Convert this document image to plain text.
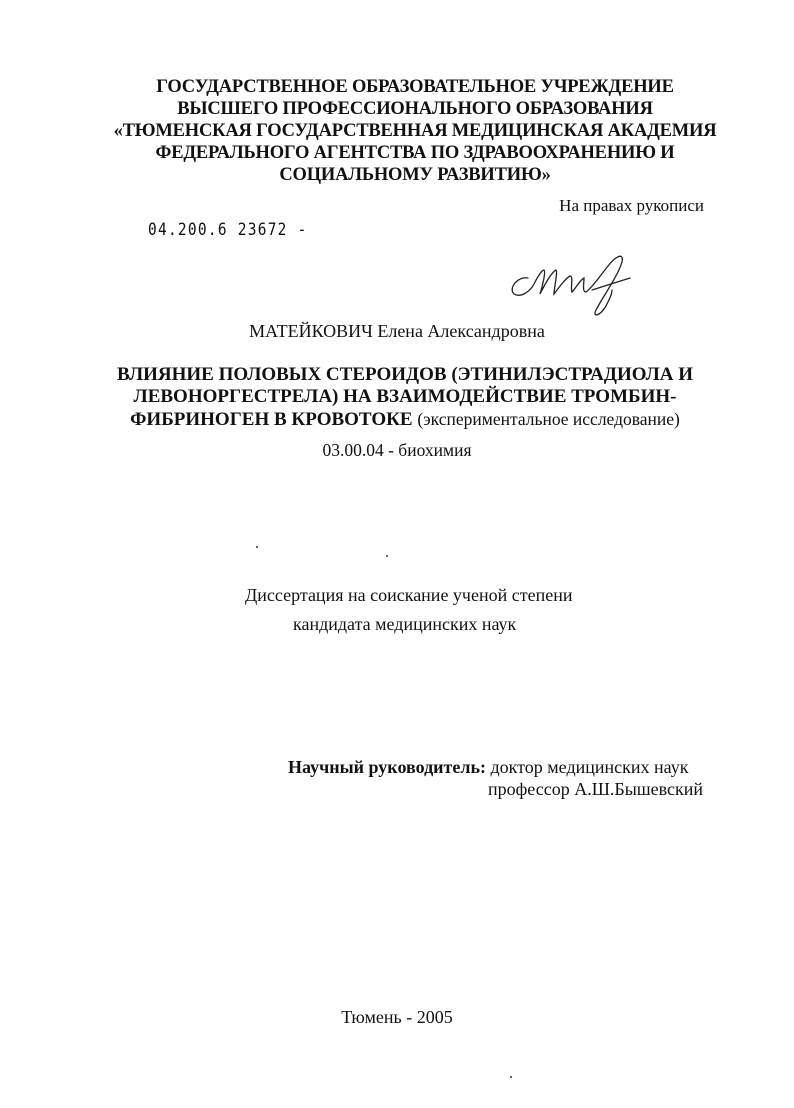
ГОСУДАРСТВЕННОЕ ОБРАЗОВАТЕЛЬНОЕ УЧРЕЖДЕНИЕ
ВЫСШЕГО ПРОФЕССИОНАЛЬНОГО ОБРАЗОВАНИЯ
«ТЮМЕНСКАЯ ГОСУДАРСТВЕННАЯ МЕДИЦИНСКАЯ АКАДЕМИЯ
ФЕДЕРАЛЬНОГО АГЕНТСТВА ПО ЗДРАВООХРАНЕНИЮ И
СОЦИАЛЬНОМУ РАЗВИТИЮ»
На правах рукописи
04.200.6 23672 -
МАТЕЙКОВИЧ Елена Александровна
ВЛИЯНИЕ ПОЛОВЫХ СТЕРОИДОВ (ЭТИНИЛЭСТРАДИОЛА И
ЛЕВОНОРГЕСТРЕЛА) НА ВЗАИМОДЕЙСТВИЕ ТРОМБИН-
ФИБРИНОГЕН В КРОВОТОКЕ (экспериментальное исследование)
03.00.04 - биохимия
Диссертация на соискание ученой степени
кандидата медицинских наук
Научный руководитель: доктор медицинских наук
профессор А.Ш.Бышевский
Тюмень - 2005
